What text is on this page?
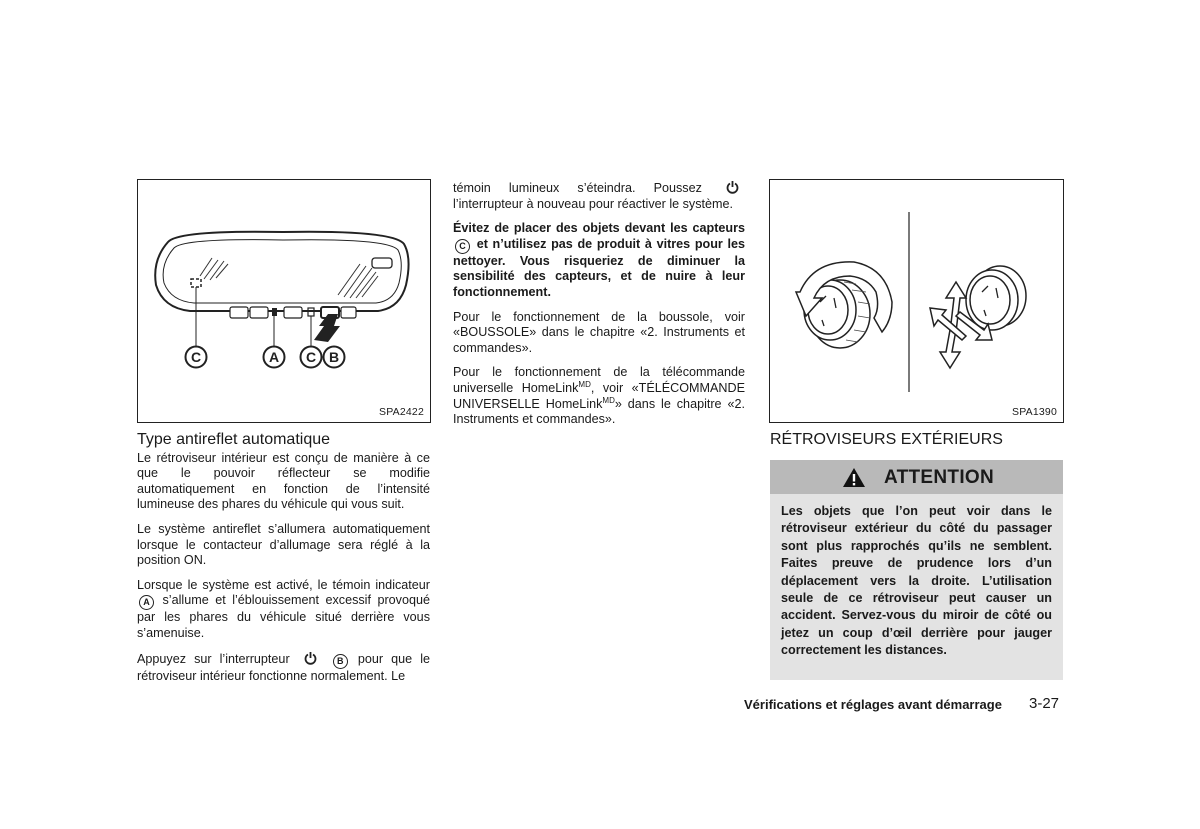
C	A C B
SPA2422	SPA1390
Type antireflet automatique

Le rétroviseur intérieur est conçu de manière à ce que le pouvoir réflecteur se modifie automatiquement en fonction de l’intensité lumineuse des phares du véhicule qui vous suit.

Le système antireflet s’allumera automatiquement lorsque le contacteur d’allumage sera réglé à la position ON.

Lorsque le système est activé, le témoin indicateur A s’allume et l’éblouissement excessif provoqué par les phares du véhicule situé derrière vous s’amenuise.

Appuyez sur l’interrupteur	B pour que le rétroviseur intérieur fonctionne normalement. Le

témoin lumineux s’éteindra. Poussez  l’interrupteur à nouveau pour réactiver le système.

Évitez de placer des objets devant les capteurs C et n’utilisez pas de produit à vitres pour les nettoyer. Vous risqueriez de diminuer la sensibilité des capteurs, et de nuire à leur fonctionnement.

Pour le fonctionnement de la boussole, voir «BOUSSOLE» dans le chapitre «2. Instruments et commandes».

Pour le fonctionnement de la télécommande universelle HomeLink$^{MD}$, voir «TÉLÉCOMMANDE UNIVERSELLE HomeLink$^{MD}$» dans le chapitre «2. Instruments et commandes».

RÉTROVISEURS EXTÉRIEURS
ATTENTION
Les objets que l’on peut voir dans le rétroviseur extérieur du côté du passager sont plus rapprochés qu’ils ne semblent. Faites preuve de prudence lors d’un déplacement vers la droite. L’utilisation seule de ce rétroviseur peut causer un accident. Servez-vous du miroir de côté ou jetez un coup d’œil derrière pour jauger correctement les distances.
Vérifications et réglages avant démarrage 3-27
